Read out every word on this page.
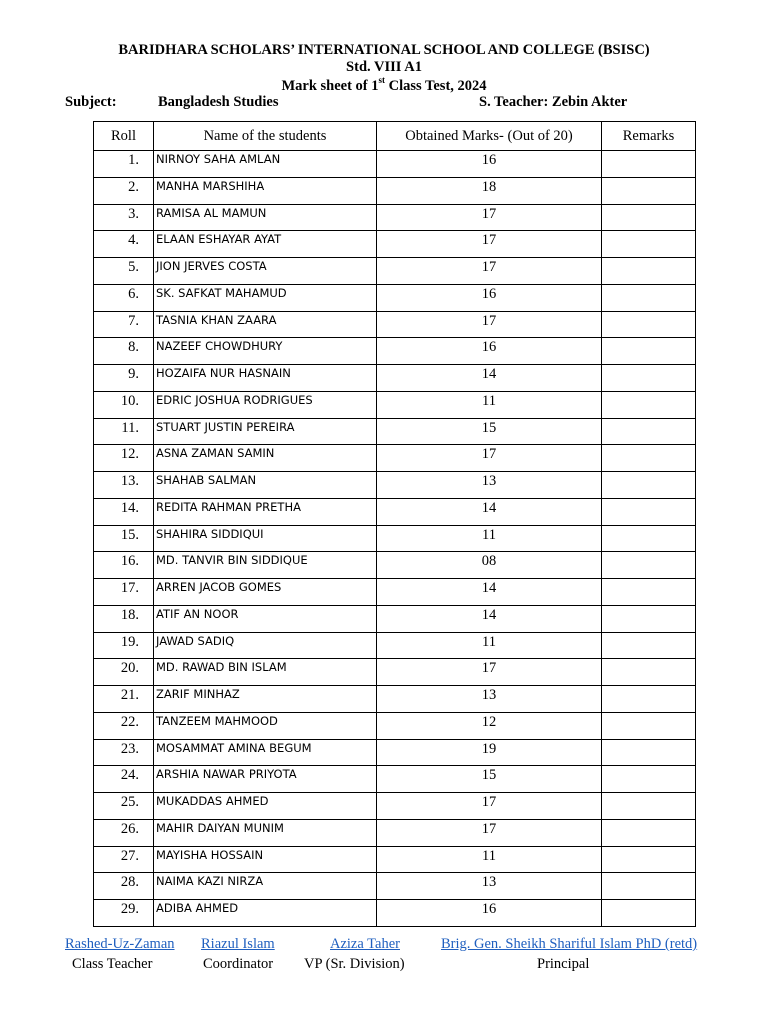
BARIDHARA SCHOLARS’ INTERNATIONAL SCHOOL AND COLLEGE (BSISC)
Std. VIII A1
Mark sheet of 1st Class Test, 2024
Subject:	Bangladesh Studies	S. Teacher: Zebin Akter
Roll	Name of the students	Obtained Marks- (Out of 20)	Remarks
1.	NIRNOY SAHA AMLAN	16	
2.	MANHA MARSHIHA	18	
3.	RAMISA AL MAMUN	17	
4.	ELAAN ESHAYAR AYAT	17	
5.	JION JERVES COSTA	17	
6.	SK. SAFKAT MAHAMUD	16	
7.	TASNIA KHAN ZAARA	17	
8.	NAZEEF CHOWDHURY	16	
9.	HOZAIFA NUR HASNAIN	14	
10.	EDRIC JOSHUA RODRIGUES	11	
11.	STUART JUSTIN PEREIRA	15	
12.	ASNA ZAMAN SAMIN	17	
13.	SHAHAB SALMAN	13	
14.	REDITA RAHMAN PRETHA	14	
15.	SHAHIRA SIDDIQUI	11	
16.	MD. TANVIR BIN SIDDIQUE	08	
17.	ARREN JACOB GOMES	14	
18.	ATIF AN NOOR	14	
19.	JAWAD SADIQ	11	
20.	MD. RAWAD BIN ISLAM	17	
21.	ZARIF MINHAZ	13	
22.	TANZEEM MAHMOOD	12	
23.	MOSAMMAT AMINA BEGUM	19	
24.	ARSHIA NAWAR PRIYOTA	15	
25.	MUKADDAS AHMED	17	
26.	MAHIR DAIYAN MUNIM	17	
27.	MAYISHA HOSSAIN	11	
28.	NAIMA KAZI NIRZA	13	
29.	ADIBA AHMED	16	
Rashed-Uz-Zaman Riazul Islam	Aziza Taher	Brig. Gen. Sheikh Shariful Islam PhD (retd)
Class Teacher	Coordinator VP (Sr. Division)	Principal
